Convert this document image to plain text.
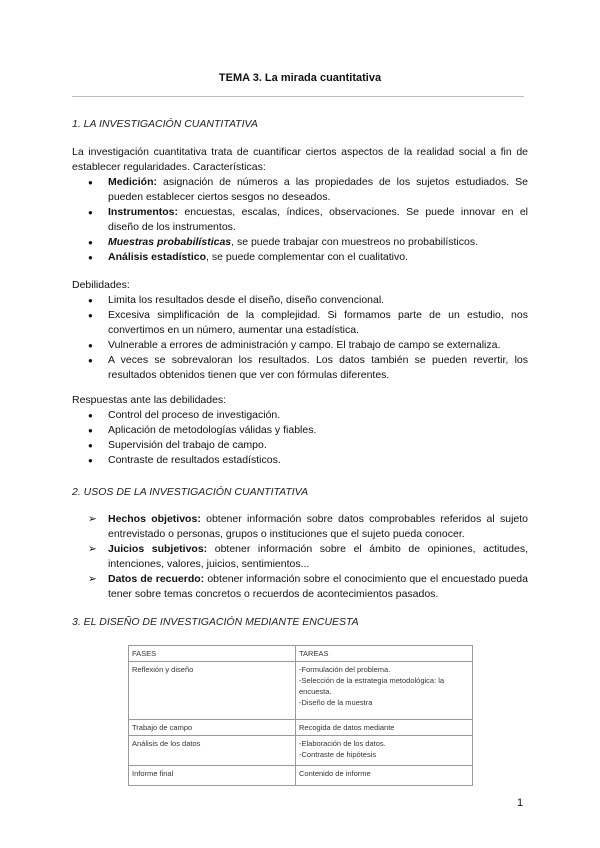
TEMA 3. La mirada cuantitativa
1. LA INVESTIGACIÓN CUANTITATIVA
La investigación cuantitativa trata de cuantificar ciertos aspectos de la realidad social a fin de establecer regularidades. Características:
● Medición: asignación de números a las propiedades de los sujetos estudiados. Se pueden establecer ciertos sesgos no deseados.
● Instrumentos: encuestas, escalas, índices, observaciones. Se puede innovar en el diseño de los instrumentos.
● Muestras probabilísticas, se puede trabajar con muestreos no probabilísticos.
● Análisis estadístico, se puede complementar con el cualitativo.
Debilidades:
● Limita los resultados desde el diseño, diseño convencional.
● Excesiva simplificación de la complejidad. Si formamos parte de un estudio, nos convertimos en un número, aumentar una estadística.
● Vulnerable a errores de administración y campo. El trabajo de campo se externaliza.
● A veces se sobrevaloran los resultados. Los datos también se pueden revertir, los resultados obtenidos tienen que ver con fórmulas diferentes.
Respuestas ante las debilidades:
● Control del proceso de investigación.
● Aplicación de metodologías válidas y fiables.
● Supervisión del trabajo de campo.
● Contraste de resultados estadísticos.
2. USOS DE LA INVESTIGACIÓN CUANTITATIVA
➢ Hechos objetivos: obtener información sobre datos comprobables referidos al sujeto entrevistado o personas, grupos o instituciones que el sujeto pueda conocer.
➢ Juicios subjetivos: obtener información sobre el ámbito de opiniones, actitudes, intenciones, valores, juicios, sentimientos...
➢ Datos de recuerdo: obtener información sobre el conocimiento que el encuestado pueda tener sobre temas concretos o recuerdos de acontecimientos pasados.
3. EL DISEÑO DE INVESTIGACIÓN MEDIANTE ENCUESTA
FASES	TAREAS
Reflexión y diseño	-Formulación del problema.
-Selección de la estrategia metodológica: la encuesta.
-Diseño de la muestra

Trabajo de campo	Recogida de datos mediante

Análisis de los datos	-Elaboración de los datos.
-Contraste de hipótesis

Informe final	Contenido de informe
1
